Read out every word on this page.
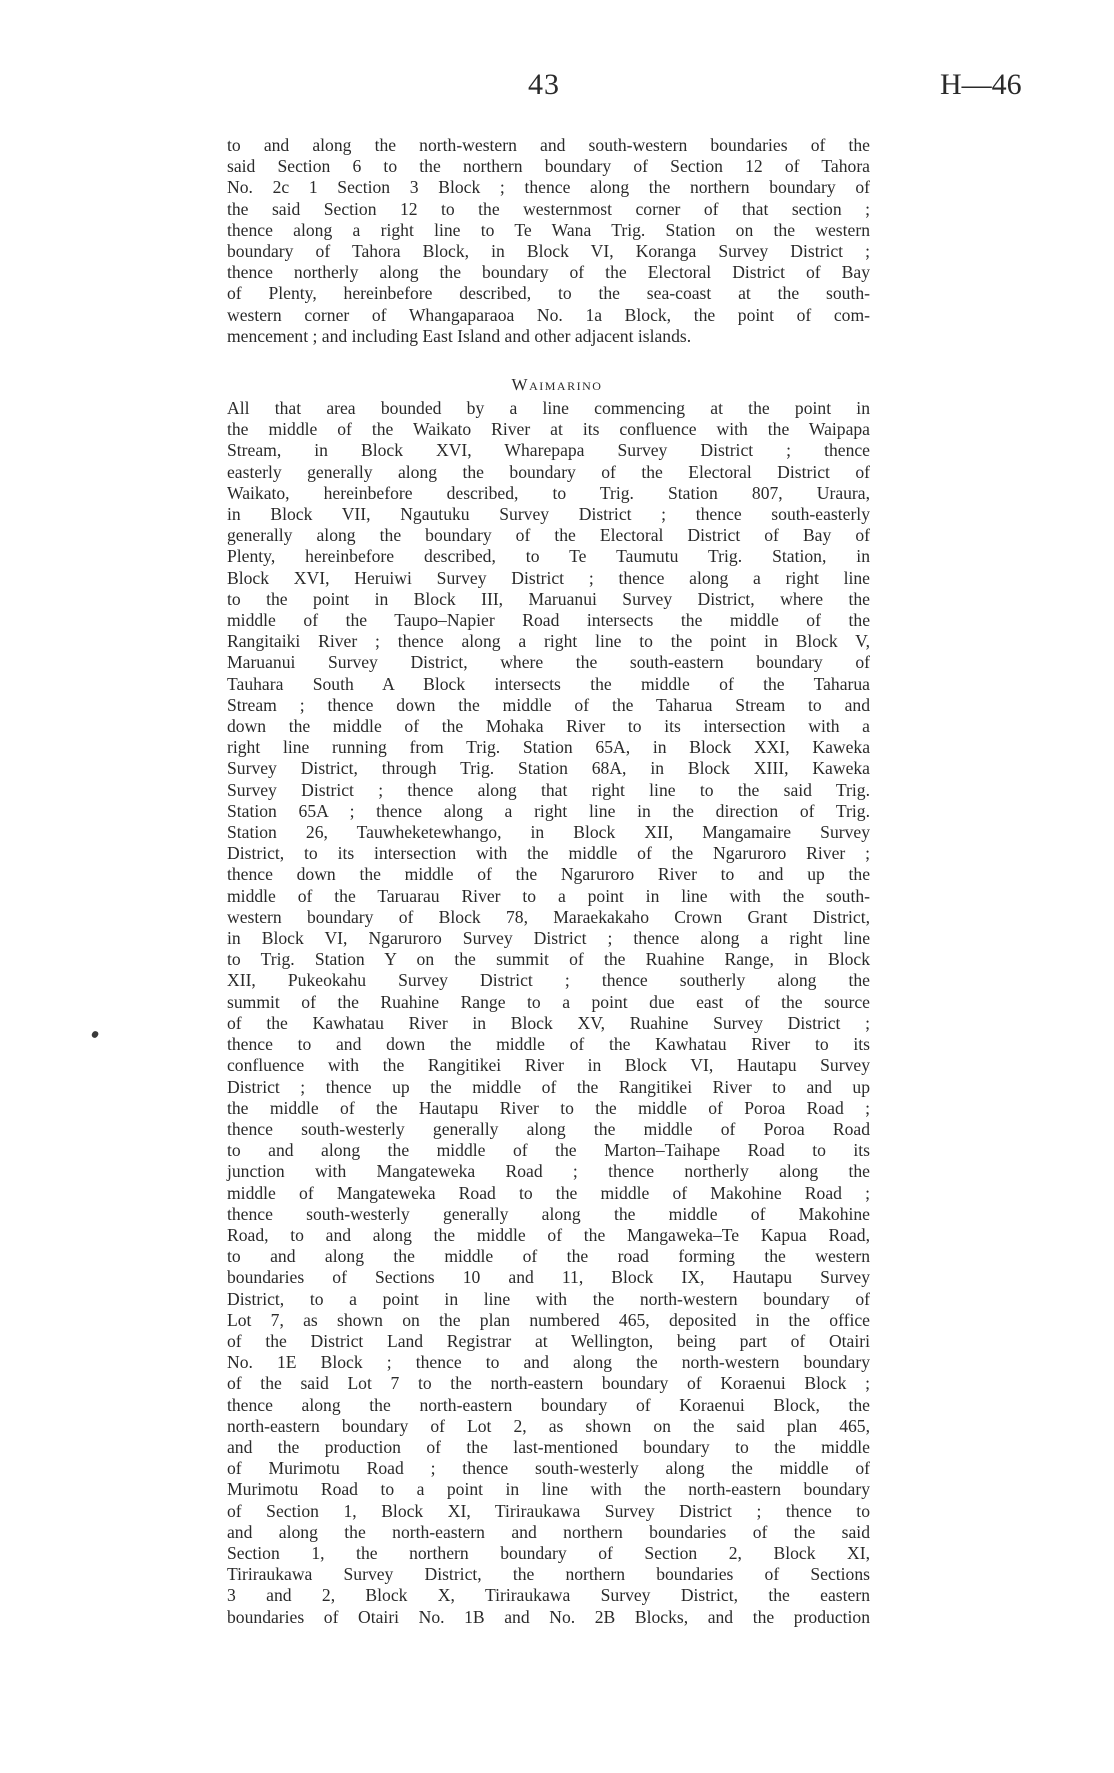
43	H—46
to and along the north-western and south-western boundaries of the
said Section 6 to the northern boundary of Section 12 of Tahora
No. 2c 1 Section 3 Block ; thence along the northern boundary of
the said Section 12 to the westernmost corner of that section ;
thence along a right line to Te Wana Trig. Station on the western
boundary of Tahora Block, in Block VI, Koranga Survey District ;
thence northerly along the boundary of the Electoral District of Bay
of Plenty, hereinbefore described, to the sea-coast at the south-
western corner of Whangaparaoa No. 1a Block, the point of com-
mencement ; and including East Island and other adjacent islands.
Waimarino
All that area bounded by a line commencing at the point in
the middle of the Waikato River at its confluence with the Waipapa
Stream, in Block XVI, Wharepapa Survey District ; thence
easterly generally along the boundary of the Electoral District of
Waikato, hereinbefore described, to Trig. Station 807, Uraura,
in Block VII, Ngautuku Survey District ; thence south-easterly
generally along the boundary of the Electoral District of Bay of
Plenty, hereinbefore described, to Te Taumutu Trig. Station, in
Block XVI, Heruiwi Survey District ; thence along a right line
to the point in Block III, Maruanui Survey District, where the
middle of the Taupo–Napier Road intersects the middle of the
Rangitaiki River ; thence along a right line to the point in Block V,
Maruanui Survey District, where the south-eastern boundary of
Tauhara South A Block intersects the middle of the Taharua
Stream ; thence down the middle of the Taharua Stream to and
down the middle of the Mohaka River to its intersection with a
right line running from Trig. Station 65A, in Block XXI, Kaweka
Survey District, through Trig. Station 68A, in Block XIII, Kaweka
Survey District ; thence along that right line to the said Trig.
Station 65A ; thence along a right line in the direction of Trig.
Station 26, Tauwheketewhango, in Block XII, Mangamaire Survey
District, to its intersection with the middle of the Ngaruroro River ;
thence down the middle of the Ngaruroro River to and up the
middle of the Taruarau River to a point in line with the south-
western boundary of Block 78, Maraekakaho Crown Grant District,
in Block VI, Ngaruroro Survey District ; thence along a right line
to Trig. Station Y on the summit of the Ruahine Range, in Block
XII, Pukeokahu Survey District ; thence southerly along the
summit of the Ruahine Range to a point due east of the source
of the Kawhatau River in Block XV, Ruahine Survey District ;
thence to and down the middle of the Kawhatau River to its
confluence with the Rangitikei River in Block VI, Hautapu Survey
District ; thence up the middle of the Rangitikei River to and up
the middle of the Hautapu River to the middle of Poroa Road ;
thence south-westerly generally along the middle of Poroa Road
to and along the middle of the Marton–Taihape Road to its
junction with Mangateweka Road ; thence northerly along the
middle of Mangateweka Road to the middle of Makohine Road ;
thence south-westerly generally along the middle of Makohine
Road, to and along the middle of the Mangaweka–Te Kapua Road,
to and along the middle of the road forming the western
boundaries of Sections 10 and 11, Block IX, Hautapu Survey
District, to a point in line with the north-western boundary of
Lot 7, as shown on the plan numbered 465, deposited in the office
of the District Land Registrar at Wellington, being part of Otairi
No. 1E Block ; thence to and along the north-western boundary
of the said Lot 7 to the north-eastern boundary of Koraenui Block ;
thence along the north-eastern boundary of Koraenui Block, the
north-eastern boundary of Lot 2, as shown on the said plan 465,
and the production of the last-mentioned boundary to the middle
of Murimotu Road ; thence south-westerly along the middle of
Murimotu Road to a point in line with the north-eastern boundary
of Section 1, Block XI, Tiriraukawa Survey District ; thence to
and along the north-eastern and northern boundaries of the said
Section 1, the northern boundary of Section 2, Block XI,
Tiriraukawa Survey District, the northern boundaries of Sections
3 and 2, Block X, Tiriraukawa Survey District, the eastern
boundaries of Otairi No. 1B and No. 2B Blocks, and the production
